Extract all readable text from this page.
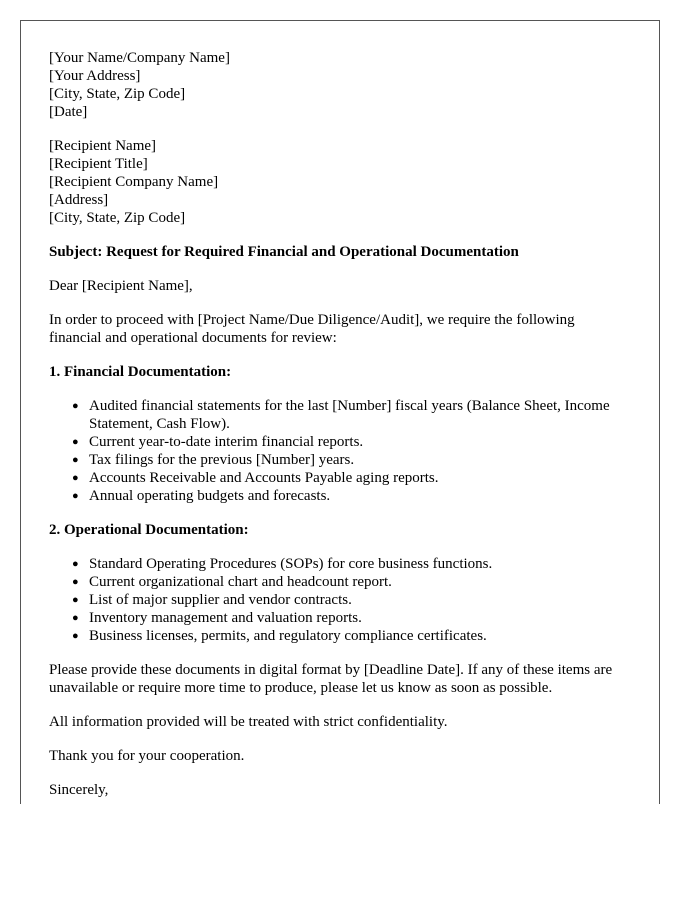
[Your Name/Company Name]
[Your Address]
[City, State, Zip Code]
[Date]
[Recipient Name]
[Recipient Title]
[Recipient Company Name]
[Address]
[City, State, Zip Code]

Subject: Request for Required Financial and Operational Documentation

Dear [Recipient Name],

In order to proceed with [Project Name/Due Diligence/Audit], we require the following financial and operational documents for review:

1. Financial Documentation:

● Audited financial statements for the last [Number] fiscal years (Balance Sheet, Income Statement, Cash Flow).
● Current year-to-date interim financial reports.
● Tax filings for the previous [Number] years.
● Accounts Receivable and Accounts Payable aging reports.
● Annual operating budgets and forecasts.

2. Operational Documentation:

● Standard Operating Procedures (SOPs) for core business functions.
● Current organizational chart and headcount report.
● List of major supplier and vendor contracts.
● Inventory management and valuation reports.
● Business licenses, permits, and regulatory compliance certificates.

Please provide these documents in digital format by [Deadline Date]. If any of these items are unavailable or require more time to produce, please let us know as soon as possible.

All information provided will be treated with strict confidentiality.

Thank you for your cooperation.

Sincerely,
